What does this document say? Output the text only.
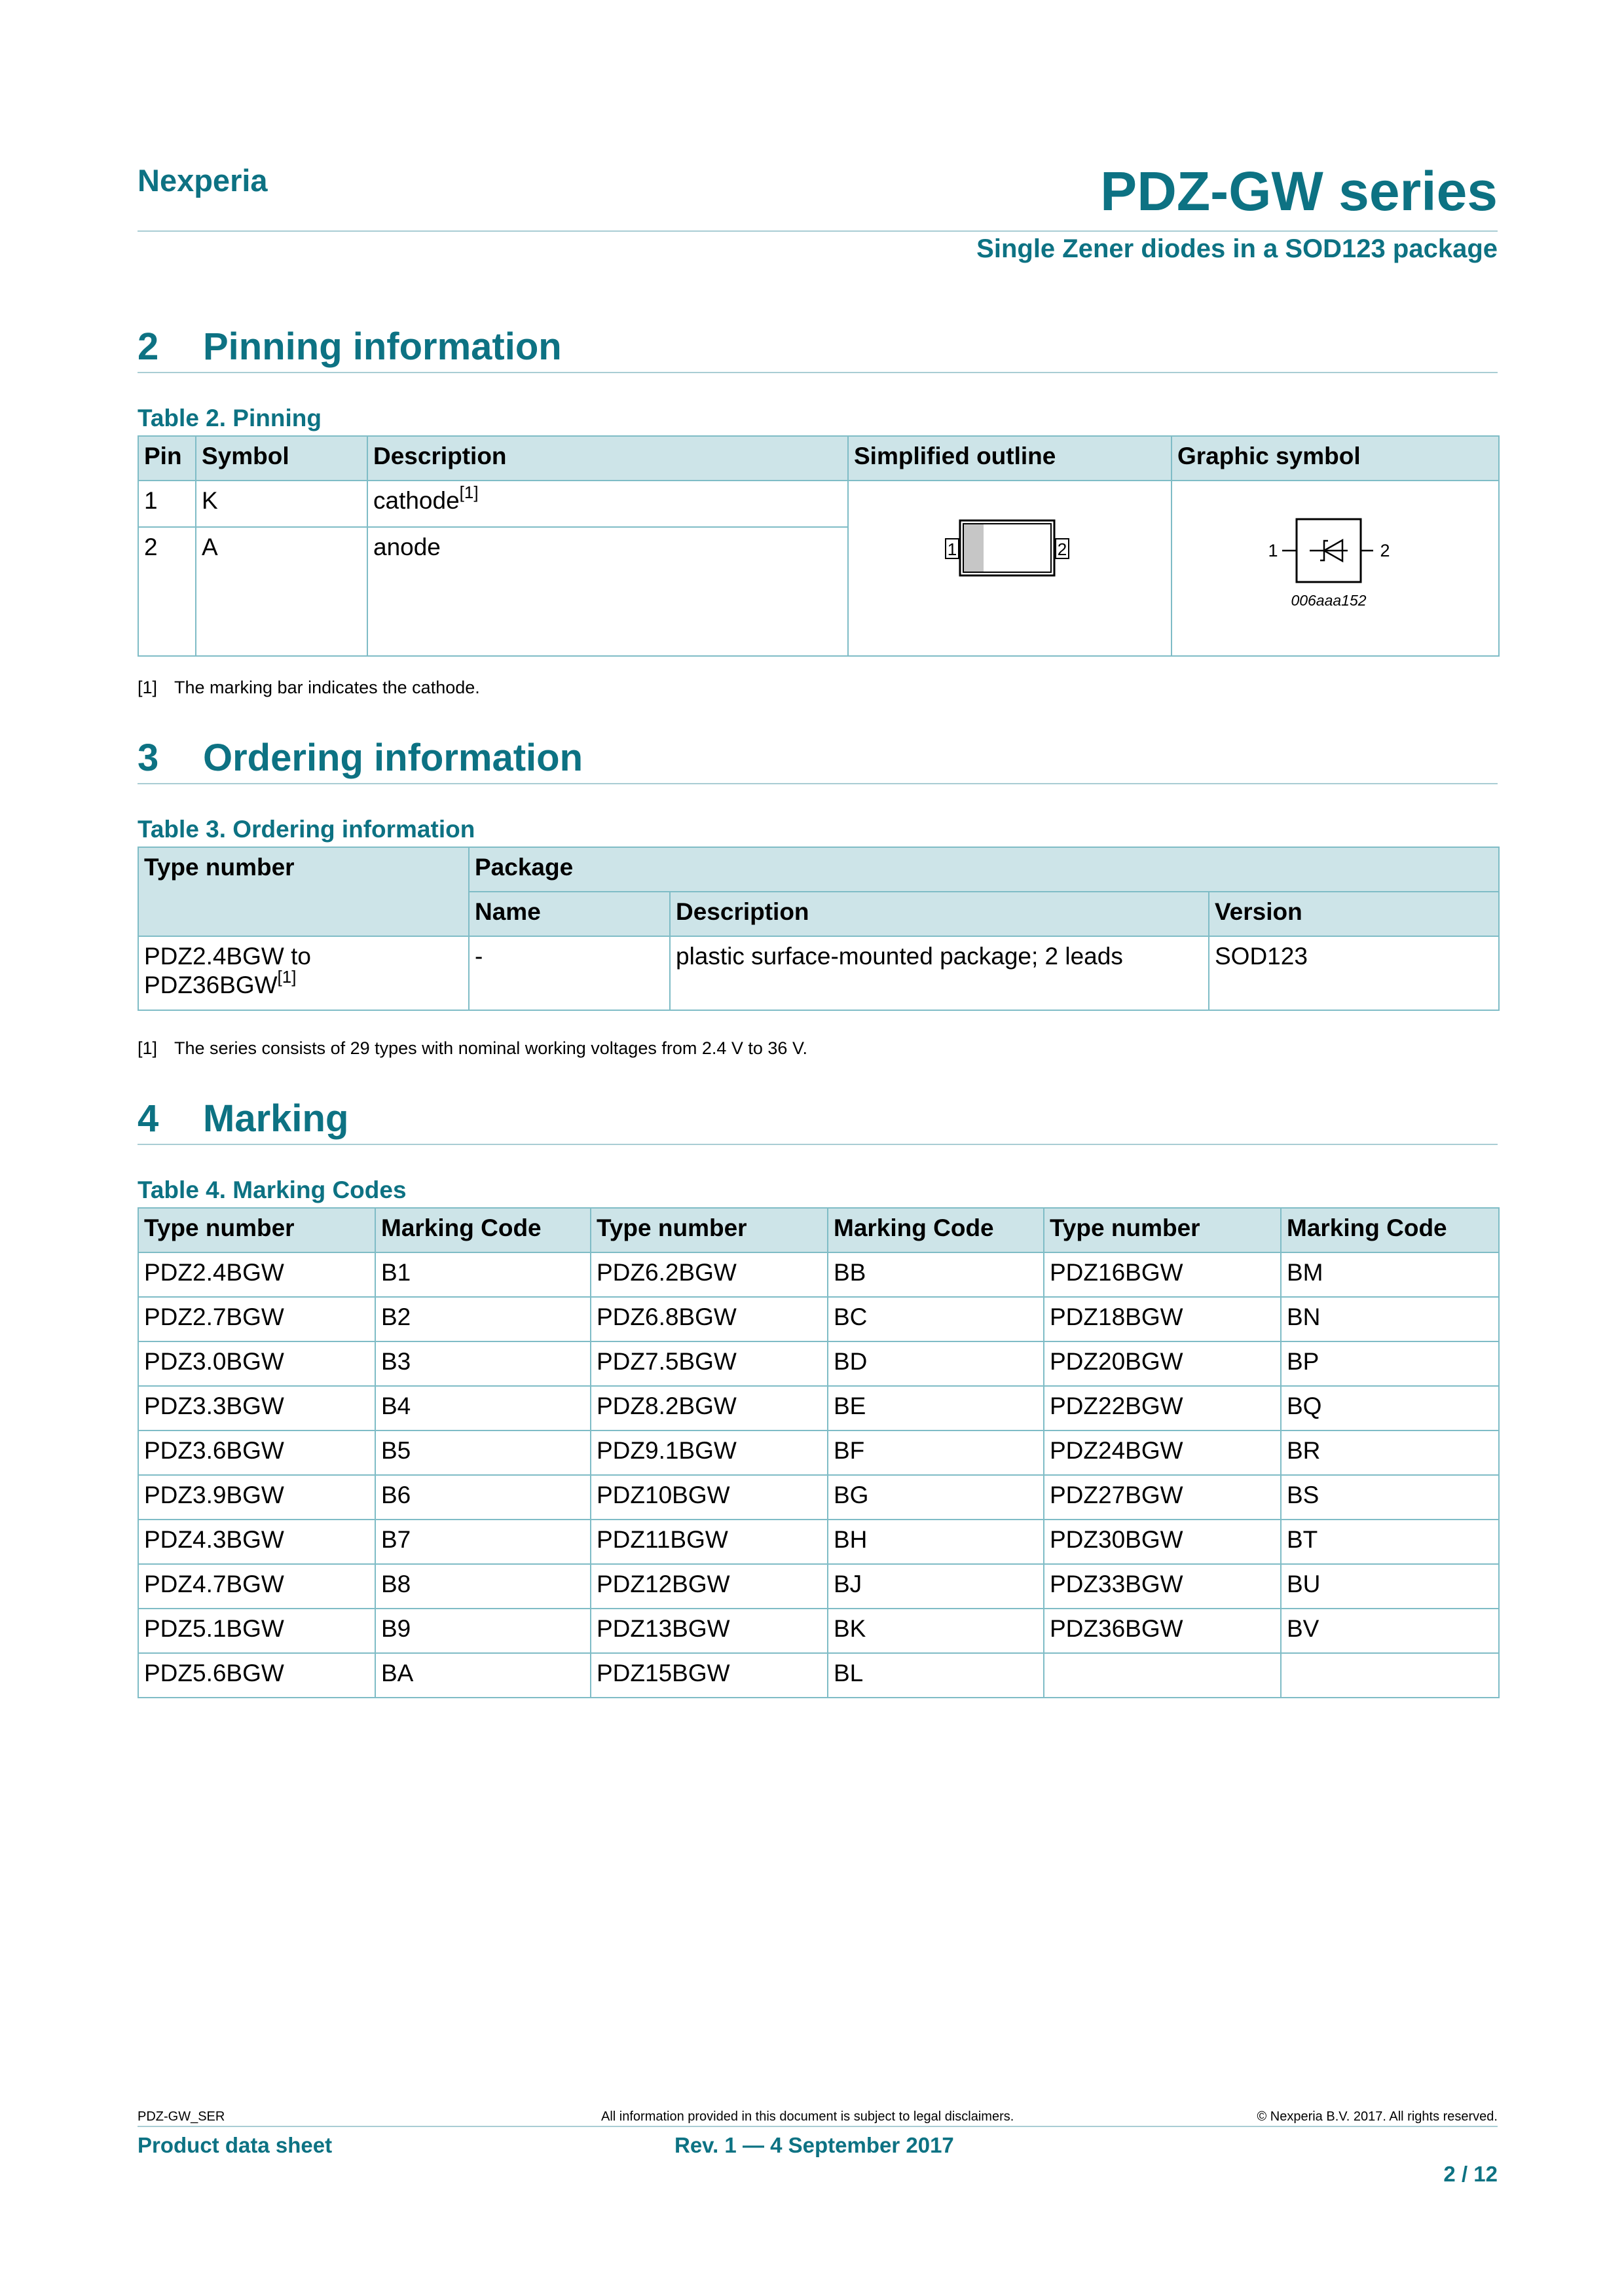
Nexperia	PDZ-GW series
Single Zener diodes in a SOD123 package
2 Pinning information
Table 2. Pinning
Pin	Symbol	Description	Simplified outline	Graphic symbol
1	K	cathode[1]	1 2	1 2
006aaa152

2	A	anode		
[1] The marking bar indicates the cathode.
3 Ordering information
Table 3. Ordering information
Type number	Package		
	Name	Description	Version

PDZ2.4BGW to
PDZ36BGW[1]	-	plastic surface-mounted package; 2 leads	SOD123
[1] The series consists of 29 types with nominal working voltages from 2.4 V to 36 V.
4 Marking
Table 4. Marking Codes
Type number	Marking Code	Type number	Marking Code	Type number	Marking Code
PDZ2.4BGW	B1	PDZ6.2BGW	BB	PDZ16BGW	BM
PDZ2.7BGW	B2	PDZ6.8BGW	BC	PDZ18BGW	BN
PDZ3.0BGW	B3	PDZ7.5BGW	BD	PDZ20BGW	BP
PDZ3.3BGW	B4	PDZ8.2BGW	BE	PDZ22BGW	BQ
PDZ3.6BGW	B5	PDZ9.1BGW	BF	PDZ24BGW	BR
PDZ3.9BGW	B6	PDZ10BGW	BG	PDZ27BGW	BS
PDZ4.3BGW	B7	PDZ11BGW	BH	PDZ30BGW	BT
PDZ4.7BGW	B8	PDZ12BGW	BJ	PDZ33BGW	BU
PDZ5.1BGW	B9	PDZ13BGW	BK	PDZ36BGW	BV
PDZ5.6BGW	BA	PDZ15BGW	BL		
PDZ-GW_SER	All information provided in this document is subject to legal disclaimers.	© Nexperia B.V. 2017. All rights reserved.
Product data sheet	Rev. 1 — 4 September 2017
2 / 12
